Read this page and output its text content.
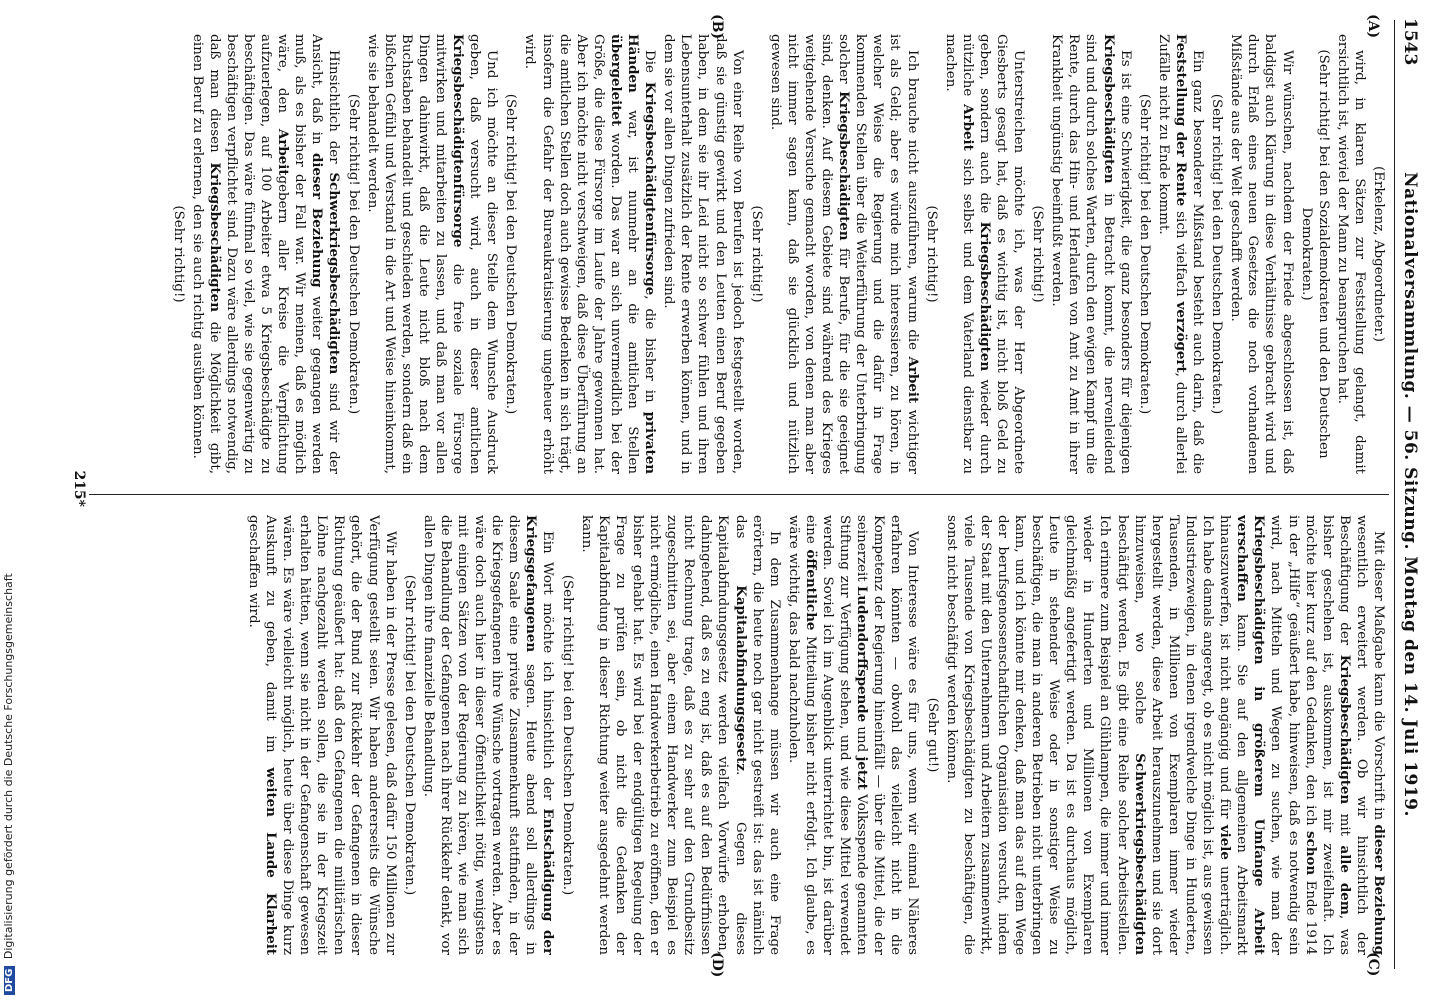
1543
Nationalversammlung. — 56. Sitzung. Montag den 14. Juli 1919.

(Erkelenz, Abgeordneter.)

wird, in klaren Sätzen zur Feststellung gelangt, damit ersichtlich ist, wieviel der Mann zu beanspruchen hat.

(Sehr richtig! bei den Sozialdemokraten und den Deutschen Demokraten.)

Wir wünschen, nachdem der Friede abgeschlossen ist, daß baldigst auch Klärung in diese Verhältnisse gebracht wird und durch Erlaß eines neuen Gesetzes die noch vorhandenen Mißstände aus der Welt geschafft werden.

(Sehr richtig! bei den Deutschen Demokraten.)

Ein ganz besonderer Mißstand besteht auch darin, daß die Feststellung der Rente sich vielfach verzögert, durch allerlei Zufälle nicht zu Ende kommt.

(Sehr richtig! bei den Deutschen Demokraten.)

Es ist eine Schwierigkeit, die ganz besonders für diejenigen Kriegsbeschädigten in Betracht kommt, die nervenleidend sind und durch solches Warten, durch den ewigen Kampf um die Rente, durch das Hin- und Herlaufen von Amt zu Amt in ihrer Krankheit ungünstig beeinflußt werden.

(Sehr richtig!)

Unterstreichen möchte ich, was der Herr Abgeordnete Giesberts gesagt hat, daß es wichtig ist, nicht bloß Geld zu geben, sondern auch die Kriegsbeschädigten wieder durch nützliche Arbeit sich selbst und dem Vaterland dienstbar zu machen.

(Sehr richtig!)

Ich brauche nicht auszuführen, warum die Arbeit wichtiger ist als Geld; aber es würde mich interessieren, zu hören, in welcher Weise die Regierung und die dafür in Frage kommenden Stellen über die Weiterführung der Unterbringung solcher Kriegsbeschädigten für Berufe, für die sie geeignet sind, denken. Auf diesem Gebiete sind während des Krieges weitgehende Versuche gemacht worden, von denen man aber nicht immer sagen kann, daß sie glücklich und nützlich gewesen sind.

(Sehr richtig!)

Von einer Reihe von Berufen ist jedoch festgestellt worden, daß sie günstig gewirkt und den Leuten einen Beruf gegeben haben, in dem sie ihr Leid nicht so schwer fühlen und ihren Lebensunterhalt zusätzlich der Rente erwerben können, und in dem sie vor allen Dingen zufrieden sind.

Die Kriegsbeschädigtenfürsorge, die bisher in privaten Händen war, ist nunmehr an die amtlichen Stellen übergeleitet worden. Das war an sich unvermeidlich bei der Größe, die diese Fürsorge im Laufe der Jahre gewonnen hat. Aber ich möchte nicht verschweigen, daß diese Überführung an die amtlichen Stellen doch auch gewisse Bedenken in sich trägt, insofern die Gefahr der Bureaukratisierung ungeheuer erhöht wird.

(Sehr richtig! bei den Deutschen Demokraten.)

Und ich möchte an dieser Stelle dem Wunsche Ausdruck geben, daß versucht wird, auch in dieser amtlichen Kriegsbeschädigtenfürsorge die freie soziale Fürsorge mitwirken und mitarbeiten zu lassen, und daß man vor allen Dingen dahinwirkt, daß die Leute nicht bloß nach dem Buchstaben behandelt und geschieden werden, sondern daß ein bißchen Gefühl und Verstand in die Art und Weise hineinkommt, wie sie behandelt werden.

(Sehr richtig! bei den Deutschen Demokraten.)

Hinsichtlich der Schwerkriegsbeschädigten sind wir der Ansicht, daß in dieser Beziehung weiter gegangen werden muß, als es bisher der Fall war. Wir meinen, daß es möglich wäre, den Arbeitgebern aller Kreise die Verpflichtung aufzuerlegen, auf 100 Arbeiter etwa 5 Kriegsbeschädigte zu beschäftigen. Das wäre fünfmal so viel, wie sie gegenwärtig zu beschäftigen verpflichtet sind. Dazu wäre allerdings notwendig, daß man diesen Kriegsbeschädigten die Möglichkeit gibt, einen Beruf zu erlernen, den sie auch richtig ausüben können.

(Sehr richtig!)

Mit dieser Maßgabe kann die Vorschrift in dieser Beziehung wesentlich erweitert werden. Ob wir hinsichtlich der Beschäftigung der Kriegsbeschädigten mit alle dem, was bisher geschehen ist, auskommen, ist mir zweifelhaft. Ich möchte hier kurz auf den Gedanken, den ich schon Ende 1914 in der „Hilfe“ geäußert habe, hinweisen, daß es notwendig sein wird, nach Mitteln und Wegen zu suchen, wie man der Kriegsbeschädigten in größerem Umfange Arbeit verschaffen kann. Sie auf den allgemeinen Arbeitsmarkt hinauszuwerfen, ist nicht angängig und für viele unerträglich. Ich habe damals angeregt, ob es nicht möglich ist, aus gewissen Industriezweigen, in denen irgendwelche Dinge in Hunderten, Tausenden, in Millionen von Exemplaren immer wieder hergestellt werden, diese Arbeit herauszunehmen und sie dort hinzuweisen, wo solche Schwerkriegsbeschädigten beschäftigt werden. Es gibt eine Reihe solcher Arbeitsstellen. Ich erinnere zum Beispiel an Glühlampen, die immer und immer wieder in Hunderten und Millionen von Exemplaren gleichmäßig angefertigt werden. Da ist es durchaus möglich, Leute in stehender Weise oder in sonstiger Weise zu beschäftigen, die man in anderen Betrieben nicht unterbringen kann, und ich könnte mir denken, daß man das auf dem Wege der berufsgenossenschaftlichen Organisation versucht, indem der Staat mit den Unternehmern und Arbeitern zusammenwirkt, viele Tausende von Kriegsbeschädigten zu beschäftigen, die sonst nicht beschäftigt werden können.

(Sehr gut!)

Von Interesse wäre es für uns, wenn wir einmal Näheres erfahren könnten — obwohl das vielleicht nicht in die Kompetenz der Regierung hineinfällt — über die Mittel, die der seinerzeit Ludendorffspende und jetzt Volksspende genannten Stiftung zur Verfügung stehen, und wie diese Mittel verwendet werden. Soviel ich im Augenblick unterrichtet bin, ist darüber eine öffentliche Mitteilung bisher nicht erfolgt. Ich glaube, es wäre wichtig, das bald nachzuholen.

In dem Zusammenhange müssen wir auch eine Frage erörtern, die heute noch gar nicht gestreift ist: das ist nämlich das Kapitalabfindungsgesetz. Gegen dieses Kapitalabfindungsgesetz werden vielfach Vorwürfe erhoben, dahingehend, daß es zu eng ist, daß es auf den Bedürfnissen nicht Rechnung trage, daß es zu sehr auf den Grundbesitz zugeschnitten sei, aber einem Handwerker zum Beispiel es nicht ermögliche, einen Handwerkerbetrieb zu eröffnen, den er bisher gehabt hat. Es wird bei der endgültigen Regelung der Frage zu prüfen sein, ob nicht die Gedanken der Kapitalabfindung in dieser Richtung weiter ausgedehnt werden kann.

(Sehr richtig! bei den Deutschen Demokraten.)

Ein Wort möchte ich hinsichtlich der Entschädigung der Kriegsgefangenen sagen. Heute abend soll allerdings in diesem Saale eine private Zusammenkunft stattfinden, in der die Kriegsgefangenen ihre Wünsche vortragen werden. Aber es wäre doch auch hier in dieser Öffentlichkeit nötig, wenigstens mit einigen Sätzen von der Regierung zu hören, wie man sich die Behandlung der Gefangenen nach ihrer Rückkehr denkt, vor allen Dingen ihre finanzielle Behandlung.

(Sehr richtig! bei den Deutschen Demokraten.)

Wir haben in der Presse gelesen, daß dafür 150 Millionen zur Verfügung gestellt seien. Wir haben andererseits die Wünsche gehört, die der Bund zur Rückkehr der Gefangenen in dieser Richtung geäußert hat: daß den Gefangenen die militärischen Löhne nachgezahlt werden sollen, die sie in der Kriegszeit erhalten hätten, wenn sie nicht in der Gefangenschaft gewesen wären. Es wäre vielleicht möglich, heute über diese Dinge kurz Auskunft zu geben, damit im weiten Lande Klarheit geschaffen wird.

(A)
(B)
(C)
(D)
215*
DFG Digitalisierung gefördert durch die Deutsche Forschungsgemeinschaft
